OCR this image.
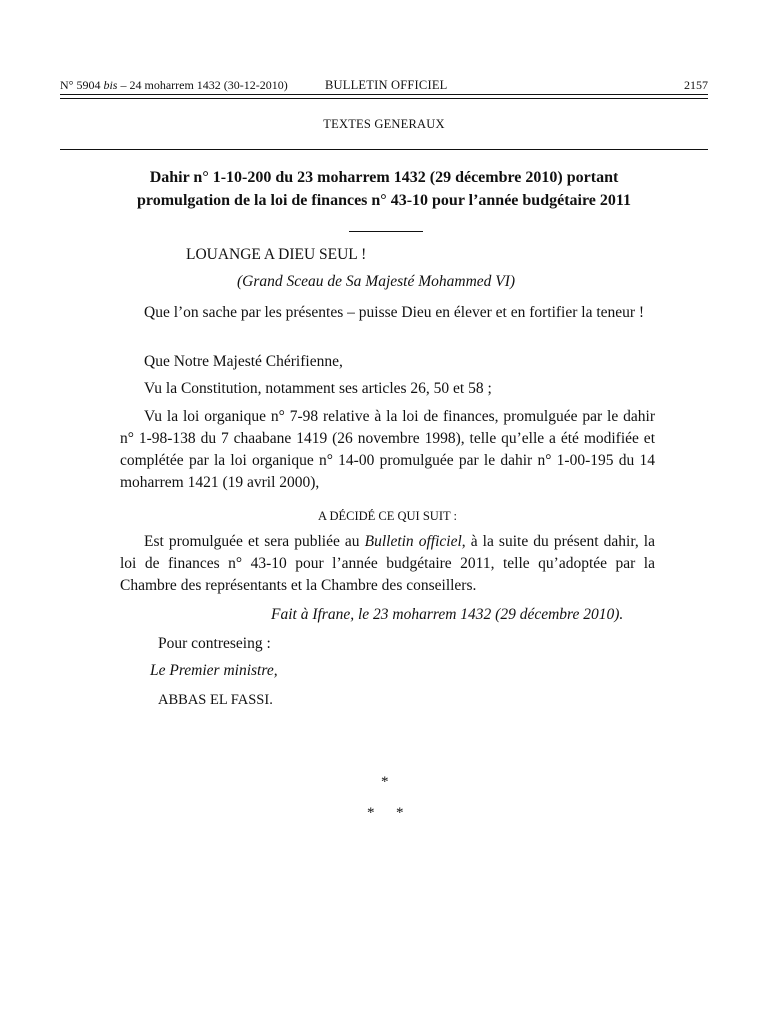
N° 5904 bis – 24 moharrem 1432 (30-12-2010)	BULLETIN OFFICIEL	2157
TEXTES GENERAUX
Dahir n° 1-10-200 du 23 moharrem 1432 (29 décembre 2010) portant
promulgation de la loi de finances n° 43-10 pour l’année budgétaire 2011

LOUANGE A DIEU SEUL !

(Grand Sceau de Sa Majesté Mohammed VI)

Que l’on sache par les présentes – puisse Dieu en élever et en fortifier la teneur !

Que Notre Majesté Chérifienne,

Vu la Constitution, notamment ses articles 26, 50 et 58 ;

Vu la loi organique n° 7-98 relative à la loi de finances, promulguée par le dahir n° 1-98-138 du 7 chaabane 1419 (26 novembre 1998), telle qu’elle a été modifiée et complétée par la loi organique n° 14-00 promulguée par le dahir n° 1-00-195 du 14 moharrem 1421 (19 avril 2000),

A DÉCIDÉ CE QUI SUIT :

Est promulguée et sera publiée au Bulletin officiel, à la suite du présent dahir, la loi de finances n° 43-10 pour l’année budgétaire 2011, telle qu’adoptée par la Chambre des représentants et la Chambre des conseillers.

Fait à Ifrane, le 23 moharrem 1432 (29 décembre 2010).

Pour contreseing :

Le Premier ministre,

ABBAS EL FASSI.

*
* *
